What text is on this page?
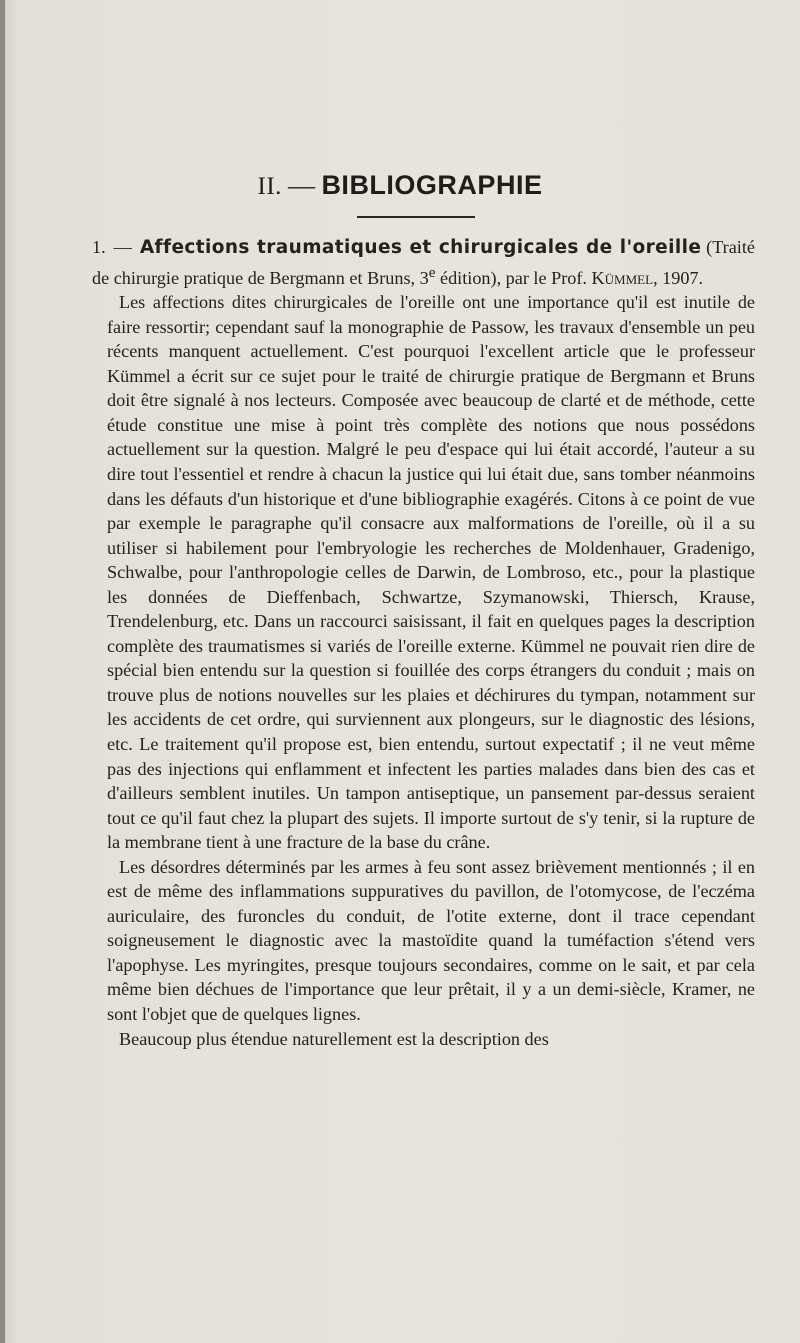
II. — BIBLIOGRAPHIE

1. — Affections traumatiques et chirurgicales de l'oreille (Traité de chirurgie pratique de Bergmann et Bruns, 3e édition), par le Prof. Kümmel, 1907.

Les affections dites chirurgicales de l'oreille ont une importance qu'il est inutile de faire ressortir; cependant sauf la monographie de Passow, les travaux d'ensemble un peu récents manquent actuellement. C'est pourquoi l'excellent article que le professeur Kümmel a écrit sur ce sujet pour le traité de chirurgie pratique de Bergmann et Bruns doit être signalé à nos lecteurs. Composée avec beaucoup de clarté et de méthode, cette étude constitue une mise à point très complète des notions que nous possédons actuellement sur la question. Malgré le peu d'espace qui lui était accordé, l'auteur a su dire tout l'essentiel et rendre à chacun la justice qui lui était due, sans tomber néanmoins dans les défauts d'un historique et d'une bibliographie exagérés. Citons à ce point de vue par exemple le paragraphe qu'il consacre aux malformations de l'oreille, où il a su utiliser si habilement pour l'embryologie les recherches de Moldenhauer, Gradenigo, Schwalbe, pour l'anthropologie celles de Darwin, de Lombroso, etc., pour la plastique les données de Dieffenbach, Schwartze, Szymanowski, Thiersch, Krause, Trendelenburg, etc. Dans un raccourci saisissant, il fait en quelques pages la description complète des traumatismes si variés de l'oreille externe. Kümmel ne pouvait rien dire de spécial bien entendu sur la question si fouillée des corps étrangers du conduit ; mais on trouve plus de notions nouvelles sur les plaies et déchirures du tympan, notamment sur les accidents de cet ordre, qui surviennent aux plongeurs, sur le diagnostic des lésions, etc. Le traitement qu'il propose est, bien entendu, surtout expectatif ; il ne veut même pas des injections qui enflamment et infectent les parties malades dans bien des cas et d'ailleurs semblent inutiles. Un tampon antiseptique, un pansement par-dessus seraient tout ce qu'il faut chez la plupart des sujets. Il importe surtout de s'y tenir, si la rupture de la membrane tient à une fracture de la base du crâne.

Les désordres déterminés par les armes à feu sont assez brièvement mentionnés ; il en est de même des inflammations suppuratives du pavillon, de l'otomycose, de l'eczéma auriculaire, des furoncles du conduit, de l'otite externe, dont il trace cependant soigneusement le diagnostic avec la mastoïdite quand la tuméfaction s'étend vers l'apophyse. Les myringites, presque toujours secondaires, comme on le sait, et par cela même bien déchues de l'importance que leur prêtait, il y a un demi-siècle, Kramer, ne sont l'objet que de quelques lignes.

Beaucoup plus étendue naturellement est la description des
